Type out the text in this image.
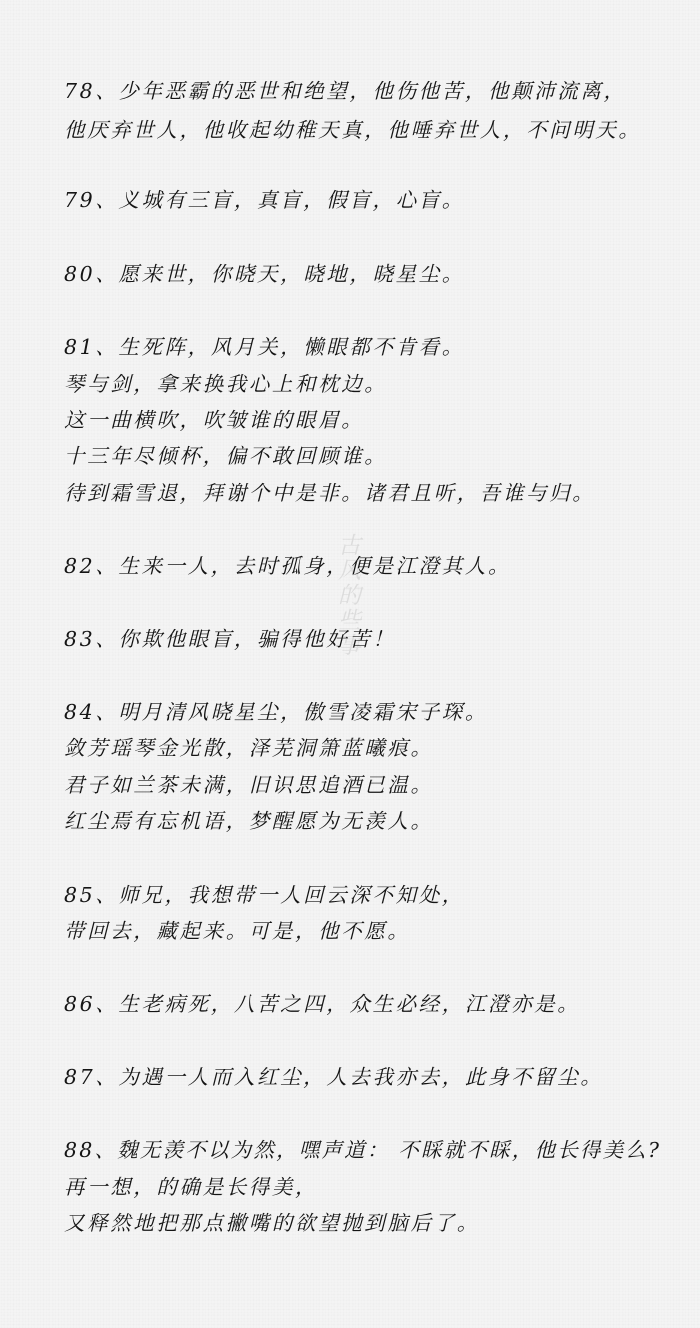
古风的些事
78、少年恶霸的恶世和绝望，他伤他苦，他颠沛流离，
他厌弃世人，他收起幼稚天真，他唾弃世人，不问明天。
79、义城有三盲，真盲，假盲，心盲。
80、愿来世，你晓天，晓地，晓星尘。
81、生死阵，风月关，懒眼都不肯看。
琴与剑，拿来换我心上和枕边。
这一曲横吹，吹皱谁的眼眉。
十三年尽倾杯，偏不敢回顾谁。
待到霜雪退，拜谢个中是非。诸君且听，吾谁与归。
82、生来一人，去时孤身，便是江澄其人。
83、你欺他眼盲，骗得他好苦！
84、明月清风晓星尘，傲雪凌霜宋子琛。
敛芳瑶琴金光散，泽芜洞箫蓝曦痕。
君子如兰茶未满，旧识思追酒已温。
红尘焉有忘机语，梦醒愿为无羡人。
85、师兄，我想带一人回云深不知处，
带回去，藏起来。可是，他不愿。
86、生老病死，八苦之四，众生必经，江澄亦是。
87、为遇一人而入红尘，人去我亦去，此身不留尘。
88、魏无羡不以为然，嘿声道： 不睬就不睬，他长得美么?
再一想，的确是长得美，
又释然地把那点撇嘴的欲望抛到脑后了。
